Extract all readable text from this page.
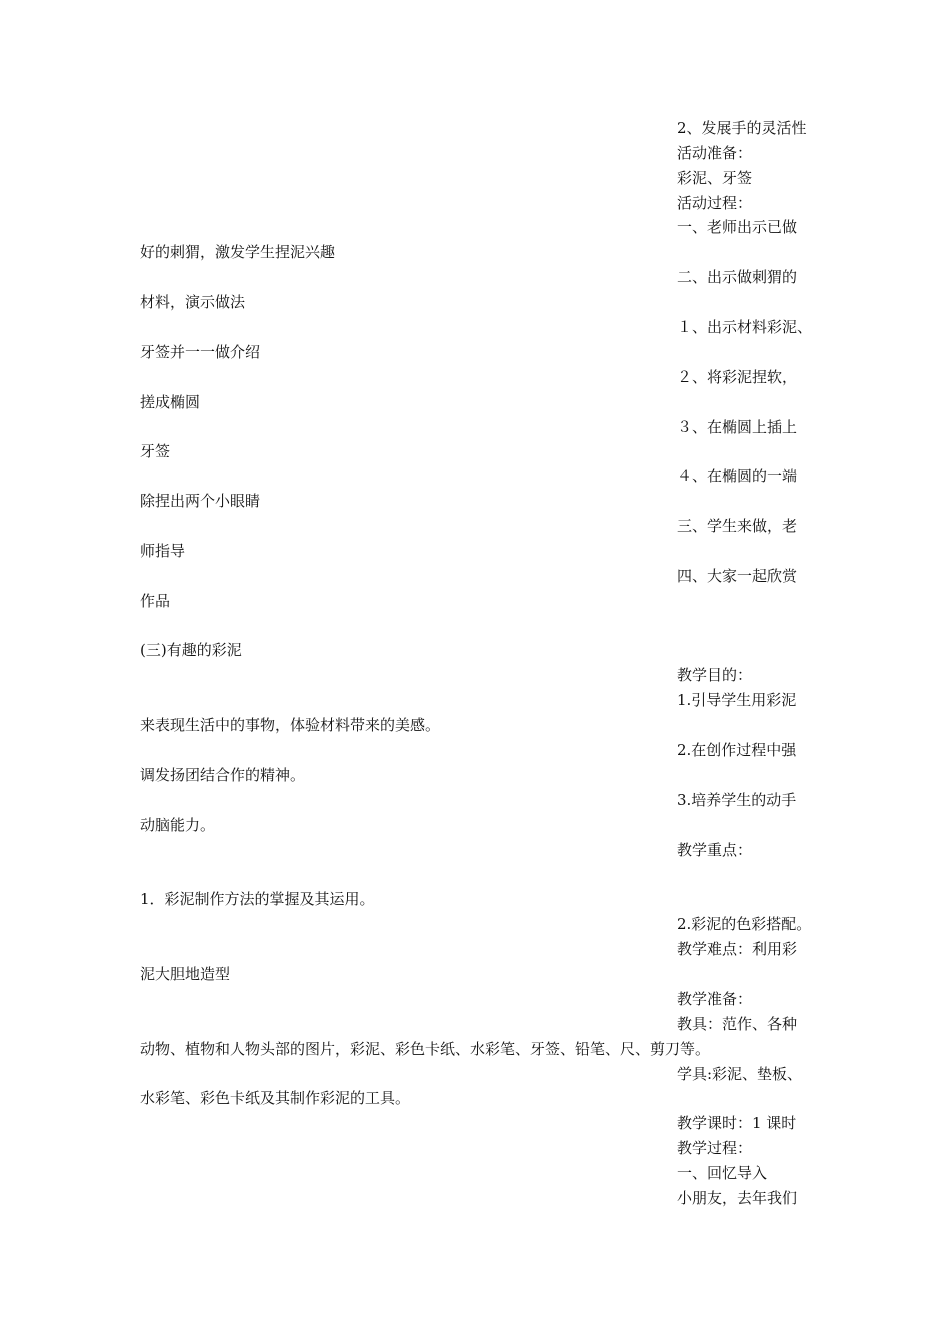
2、发展手的灵活性
活动准备：
彩泥、牙签
活动过程：
一、老师出示已做
二、出示做刺猬的
１、出示材料彩泥、
２、将彩泥捏软，
３、在椭圆上插上
４、在椭圆的一端
三、学生来做，老
四、大家一起欣赏
教学目的：
1.引导学生用彩泥
2.在创作过程中强
3.培养学生的动手
教学重点：
2.彩泥的色彩搭配。
教学难点：利用彩
教学准备：
教具：范作、各种
学具:彩泥、垫板、
教学课时：1 课时
教学过程：
一、回忆导入
小朋友，去年我们
好的刺猬，激发学生捏泥兴趣
材料，演示做法
牙签并一一做介绍
搓成椭圆
牙签
除捏出两个小眼睛
师指导
作品
(三)有趣的彩泥
来表现生活中的事物，体验材料带来的美感。
调发扬团结合作的精神。
动脑能力。
1．彩泥制作方法的掌握及其运用。
泥大胆地造型
动物、植物和人物头部的图片，彩泥、彩色卡纸、水彩笔、牙签、铅笔、尺、剪刀等。
水彩笔、彩色卡纸及其制作彩泥的工具。
